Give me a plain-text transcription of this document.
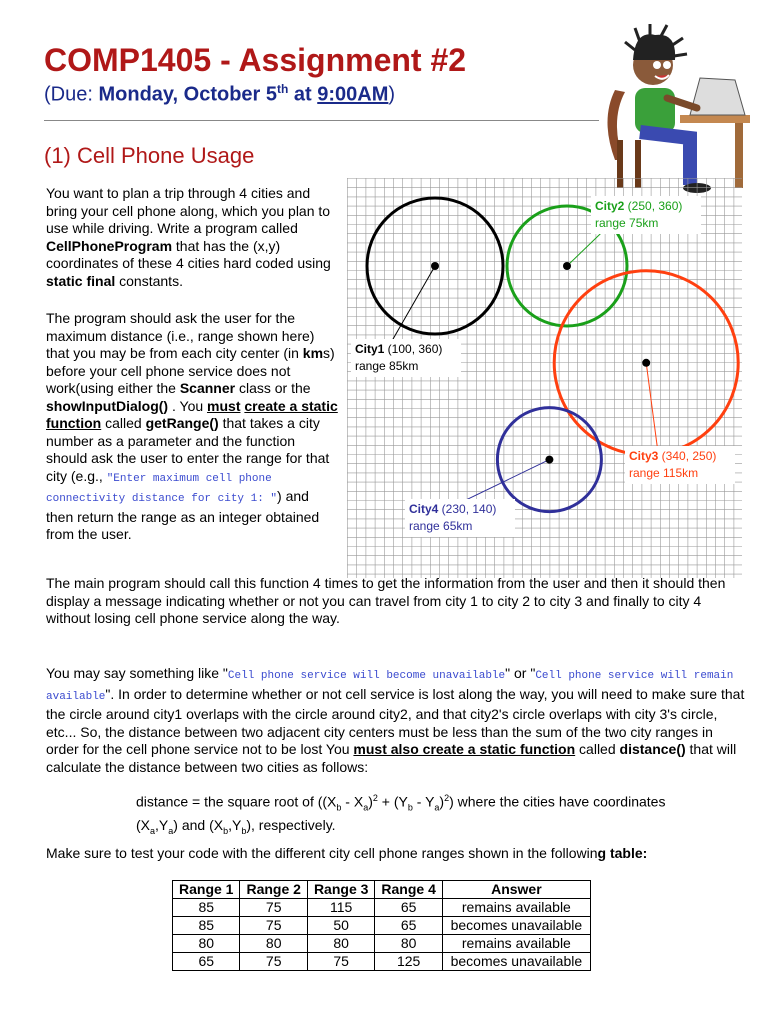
COMP1405 - Assignment #2
(Due: Monday, October 5th at 9:00AM)
(1) Cell Phone Usage
You want to plan a trip through 4 cities and bring your cell phone along, which you plan to use while driving. Write a program called CellPhoneProgram that has the (x,y) coordinates of these 4 cities hard coded using static final constants.
The program should ask the user for the maximum distance (i.e., range shown here) that you may be from each city center (in kms) before your cell phone service does not work(using either the Scanner class or the showInputDialog() . You must create a static function called getRange() that takes a city number as a parameter and the function should ask the user to enter the range for that city (e.g., "Enter maximum cell phone connectivity distance for city 1: ") and then return the range as an integer obtained from the user.
City1 (100, 360)
range 85km
City2 (250, 360)
range 75km
City3 (340, 250)
range 115km
City4 (230, 140)
range 65km
The main program should call this function 4 times to get the information from the user and then it should then display a message indicating whether or not you can travel from city 1 to city 2 to city 3 and finally to city 4 without losing cell phone service along the way.
You may say something like "Cell phone service will become unavailable" or "Cell phone service will remain available". In order to determine whether or not cell service is lost along the way, you will need to make sure that the circle around city1 overlaps with the circle around city2, and that city2's circle overlaps with city 3's circle, etc... So, the distance between two adjacent city centers must be less than the sum of the two city ranges in order for the cell phone service not to be lost You must also create a static function called distance() that will calculate the distance between two cities as follows:
distance = the square root of $((X_b - X_a)^2 + (Y_b - Y_a)^2)$ where the cities have coordinates
$(X_a,Y_a)$ and $(X_b,Y_b)$, respectively.
Make sure to test your code with the different city cell phone ranges shown in the following table:
Range 1	Range 2	Range 3	Range 4	Answer
85	75	115	65	remains available
85	75	50	65	becomes unavailable
80	80	80	80	remains available
65	75	75	125	becomes unavailable
